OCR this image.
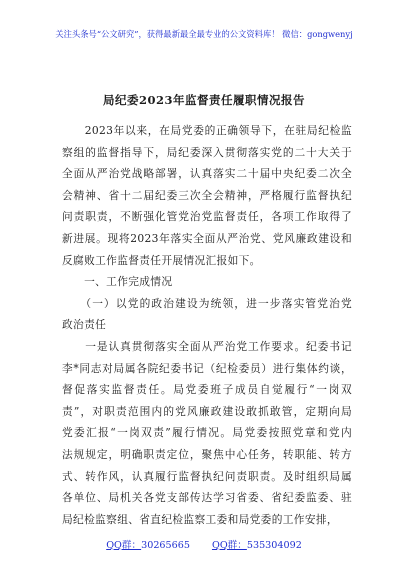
关注头条号“公文研究”，获得最新最全最专业的公文资料库！ 微信：gongwenyj
局纪委2023年监督责任履职情况报告
　　2023年以来，在局党委的正确领导下，在驻局纪检监
察组的监督指导下，局纪委深入贯彻落实党的二十大关于
全面从严治党战略部署，认真落实二十届中央纪委二次全
会精神、省十二届纪委三次全会精神，严格履行监督执纪
问责职责，不断强化管党治党监督责任，各项工作取得了
新进展。现将2023年落实全面从严治党、党风廉政建设和
反腐败工作监督责任开展情况汇报如下。
　　一、工作完成情况
　　（一）以党的政治建设为统领，进一步落实管党治党
政治责任
　　一是认真贯彻落实全面从严治党工作要求。纪委书记
李*同志对局属各院纪委书记（纪检委员）进行集体约谈，
督促落实监督责任。局党委班子成员自觉履行“一岗双
责”，对职责范围内的党风廉政建设敢抓敢管，定期向局
党委汇报“一岗双责”履行情况。局党委按照党章和党内
法规规定，明确职责定位，聚焦中心任务，转职能、转方
式、转作风，认真履行监督执纪问责职责。及时组织局属
各单位、局机关各党支部传达学习省委、省纪委监委、驻
局纪检监察组、省直纪检监察工委和局党委的工作安排，
QQ群：30265665 QQ群：535304092
